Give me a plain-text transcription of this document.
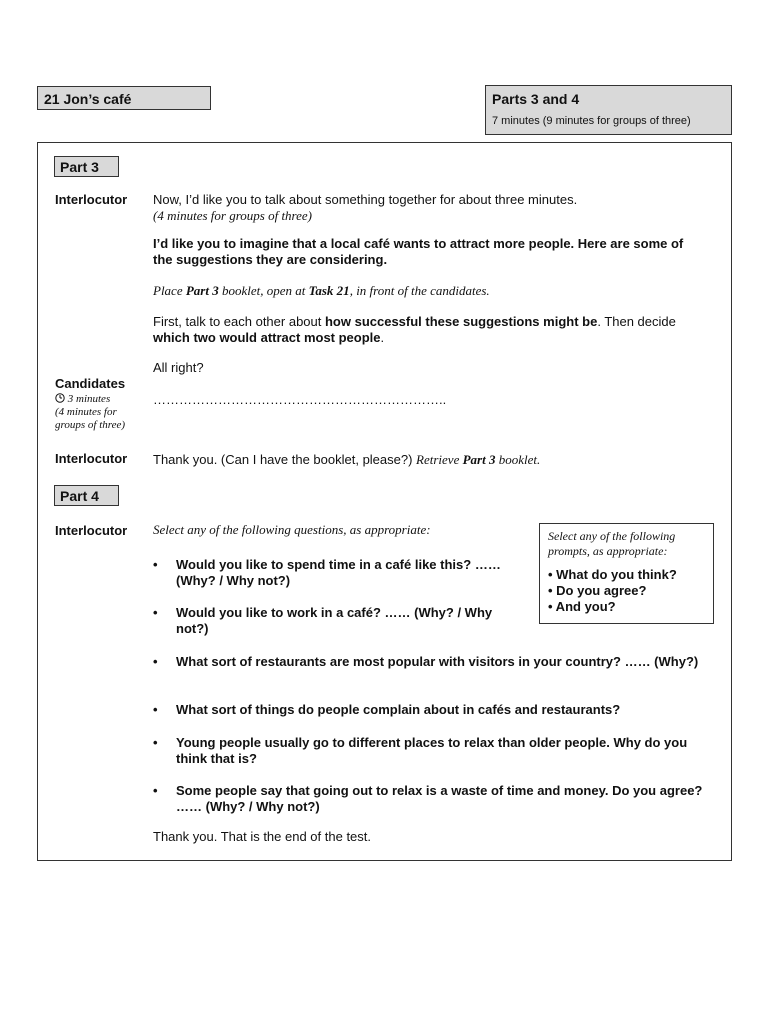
21 Jon’s café	Parts 3 and 4
7 minutes (9 minutes for groups of three)
Part 3
Interlocutor Now, I’d like you to talk about something together for about three minutes.
(4 minutes for groups of three)
I’d like you to imagine that a local café wants to attract more people. Here are some of the suggestions they are considering.
Place Part 3 booklet, open at Task 21, in front of the candidates.
First, talk to each other about how successful these suggestions might be. Then decide which two would attract most people.
All right?
Candidates
3 minutes
(4 minutes for groups of three)
…………………………………………………………..
Interlocutor Thank you. (Can I have the booklet, please?) Retrieve Part 3 booklet.
Part 4
Interlocutor Select any of the following questions, as appropriate:
• Would you like to spend time in a café like this? …… (Why? / Why not?)
• Would you like to work in a café? …… (Why? / Why not?)
• What sort of restaurants are most popular with visitors in your country? …… (Why?)
• What sort of things do people complain about in cafés and restaurants?
• Young people usually go to different places to relax than older people. Why do you think that is?
• Some people say that going out to relax is a waste of time and money. Do you agree? …… (Why? / Why not?)
Thank you. That is the end of the test.
Select any of the following prompts, as appropriate:
• What do you think?
• Do you agree?
• And you?
